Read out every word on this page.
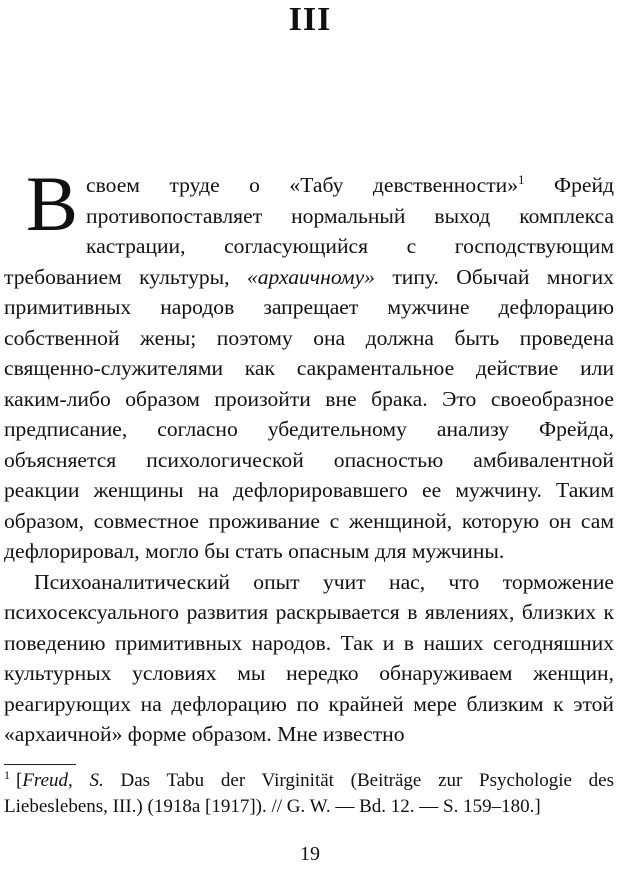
III

В своем труде о «Табу девственности»$^1$ Фрейд противопоставляет нормальный выход комплекса кастрации, согласующийся с господствующим требованием культуры, «архаичному» типу. Обычай многих примитивных народов запрещает мужчине дефлорацию собственной жены; поэтому она должна быть проведена священно-служителями как сакраментальное действие или каким-либо образом произойти вне брака. Это своеобразное предписание, согласно убедительному анализу Фрейда, объясняется психологической опасностью амбивалентной реакции женщины на дефлорировавшего ее мужчину. Таким образом, совместное проживание с женщиной, которую он сам дефлорировал, могло бы стать опасным для мужчины.

Психоаналитический опыт учит нас, что торможение психосексуального развития раскрывается в явлениях, близких к поведению примитивных народов. Так и в наших сегодняшних культурных условиях мы нередко обнаруживаем женщин, реагирующих на дефлорацию по крайней мере близким к этой «архаичной» форме образом. Мне известно

$^1$ [Freud, S. Das Tabu der Virginität (Beiträge zur Psychologie des Liebeslebens, III.) (1918a [1917]). // G. W. — Bd. 12. — S. 159–180.]
19
